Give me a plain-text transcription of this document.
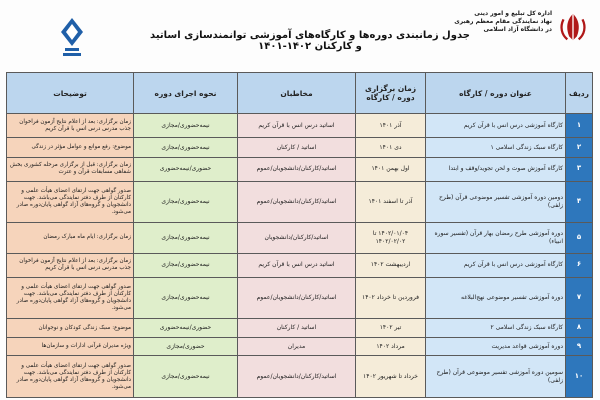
اداره کل تبلیغ و امور دینی
نهاد نمایندگی مقام معظم رهبری
در دانشگاه آزاد اسلامی
جدول زمانبندی دوره‌ها و کارگاه‌های آموزشی توانمندسازی اساتید و کارکنان ۱۴۰۲-۱۴۰۱
ردیف	عنوان دوره / کارگاه	زمان برگزاری دوره / کارگاه	مخاطبان	نحوه اجرای دوره	توضیحات

۱	کارگاه آموزشی درس انس با قرآن کریم	آذر ۱۴۰۱	اساتید درس انس با قرآن کریم	نیمه‌حضوری/مجازی	زمان برگزاری: بعد از اعلام نتایج آزمون فراخوان جذب مدرس درس انس با قرآن کریم

۲	کارگاه سبک زندگی اسلامی ۱	دی ۱۴۰۱	اساتید / کارکنان	نیمه‌حضوری/مجازی	موضوع: رفع موانع و عوامل مؤثر در زندگی

۳	کارگاه آموزش صوت و لحن تجوید/وقف و ابتدا	اول بهمن ۱۴۰۱	اساتید/کارکنان/دانشجویان/عموم	حضوری/نیمه‌حضوری	زمان برگزاری: قبل از برگزاری مرحله کشوری بخش شفاهی مسابقات قرآن و عترت

۴	دومین دوره آموزشی تفسیر موضوعی قرآن (طرح زلفی)	آذر تا اسفند ۱۴۰۱	اساتید/کارکنان/دانشجویان/عموم	نیمه‌حضوری/مجازی	صدور گواهی جهت ارتقای اعضای هیأت علمی و کارکنان از طرف دفتر نمایندگی می‌باشد. جهت دانشجویان و گروه‌های آزاد گواهی پایان‌دوره صادر می‌شود.

۵	دوره آموزشی طرح رمضان بهار قرآن (تفسیر سوره انبیاء)	۱۴۰۲/۰۱/۰۴ تا ۱۴۰۲/۰۲/۰۲	اساتید/کارکنان/دانشجویان	نیمه‌حضوری/مجازی	زمان برگزاری: ایام ماه مبارک رمضان

۶	کارگاه آموزشی درس انس با قرآن کریم	اردیبهشت ۱۴۰۲	اساتید درس انس با قرآن کریم	نیمه‌حضوری/مجازی	زمان برگزاری: بعد از اعلام نتایج آزمون فراخوان جذب مدرس درس انس با قرآن کریم

۷	دوره آموزشی تفسیر موضوعی نهج‌البلاغه	فروردین تا خرداد ۱۴۰۲	اساتید/کارکنان/دانشجویان/عموم	نیمه‌حضوری/مجازی	صدور گواهی جهت ارتقای اعضای هیأت علمی و کارکنان از طرف دفتر نمایندگی می‌باشد. جهت دانشجویان و گروه‌های آزاد گواهی پایان‌دوره صادر می‌شود.

۸	کارگاه سبک زندگی اسلامی ۲	تیر ۱۴۰۲	اساتید / کارکنان	حضوری/نیمه‌حضوری	موضوع: سبک زندگی کودکان و نوجوانان

۹	دوره آموزشی قواعد مدیریت	مرداد ۱۴۰۲	مدیران	حضوری/مجازی	ویژه مدیران قرآنی ادارات و سازمان‌ها

۱۰	سومین دوره آموزشی تفسیر موضوعی قرآن (طرح زلفی)	خرداد تا شهریور ۱۴۰۲	اساتید/کارکنان/دانشجویان/عموم	نیمه‌حضوری/مجازی	صدور گواهی جهت ارتقای اعضای هیأت علمی و کارکنان از طرف دفتر نمایندگی می‌باشد. جهت دانشجویان و گروه‌های آزاد گواهی پایان‌دوره صادر می‌شود.
